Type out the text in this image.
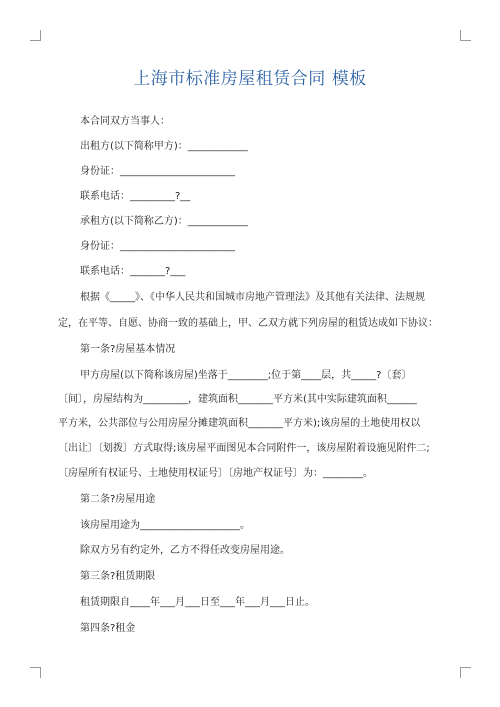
上海市标准房屋租赁合同 模板
本合同双方当事人：
出租方(以下简称甲方)：____________
身份证：_______________________
联系电话：_________?__
承租方(以下简称乙方)：____________
身份证：_______________________
联系电话：_______?___
根据《_____》、《中华人民共和国城市房地产管理法》及其他有关法律、法规规
定，在平等、自愿、协商一致的基础上，甲、乙双方就下列房屋的租赁达成如下协议：
第一条?房屋基本情况
甲方房屋(以下简称该房屋)坐落于________;位于第____层，共_____?〔套〕
〔间〕，房屋结构为_________，建筑面积_______平方米(其中实际建筑面积______
平方米，公共部位与公用房屋分摊建筑面积_______平方米);该房屋的土地使用权以
〔出让〕〔划拨〕方式取得;该房屋平面图见本合同附件一，该房屋附着设施见附件二;
〔房屋所有权证号、土地使用权证号〕〔房地产权证号〕为：________。
第二条?房屋用途
该房屋用途为____________________。
除双方另有约定外，乙方不得任改变房屋用途。
第三条?租赁期限
租赁期限自____年___月___日至___年___月___日止。
第四条?租金
